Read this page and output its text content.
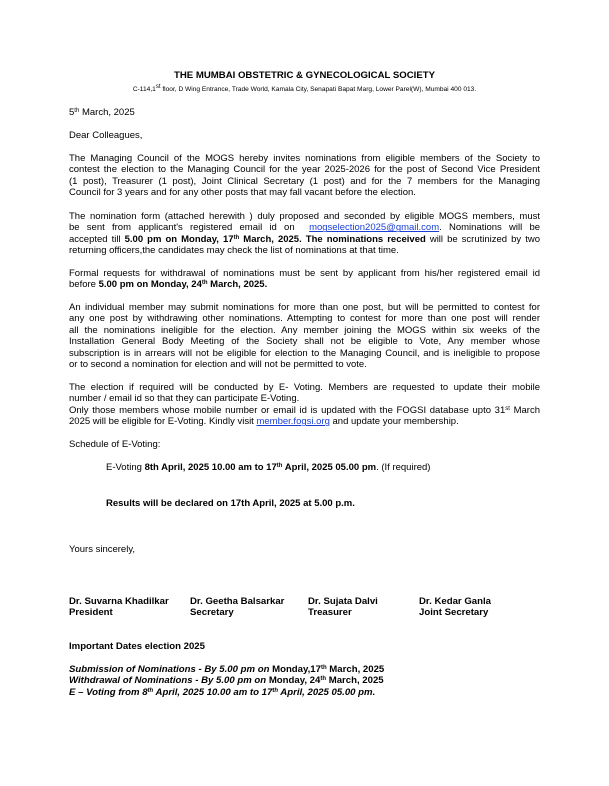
THE MUMBAI OBSTETRIC & GYNECOLOGICAL SOCIETY
C-114,1st floor, D Wing Entrance, Trade World, Kamala City, Senapati Bapat Marg, Lower Parel(W), Mumbai 400 013.
5th March, 2025
Dear Colleagues,
The Managing Council of the MOGS hereby invites nominations from eligible members of the Society to
contest the election to the Managing Council for the year 2025-2026 for the post of Second Vice President
(1 post), Treasurer (1 post), Joint Clinical Secretary (1 post) and for the 7 members for the Managing
Council for 3 years and for any other posts that may fall vacant before the election.
The nomination form (attached herewith ) duly proposed and seconded by eligible MOGS members, must
be sent from applicant's registered email id on mogselection2025@gmail.com. Nominations will be
accepted till 5.00 pm on Monday, 17th March, 2025. The nominations received will be scrutinized by two
returning officers,the candidates may check the list of nominations at that time.
Formal requests for withdrawal of nominations must be sent by applicant from his/her registered email id
before 5.00 pm on Monday, 24th March, 2025.
An individual member may submit nominations for more than one post, but will be permitted to contest for
any one post by withdrawing other nominations. Attempting to contest for more than one post will render
all the nominations ineligible for the election. Any member joining the MOGS within six weeks of the
Installation General Body Meeting of the Society shall not be eligible to Vote, Any member whose
subscription is in arrears will not be eligible for election to the Managing Council, and is ineligible to propose
or to second a nomination for election and will not be permitted to vote.
The election if required will be conducted by E- Voting. Members are requested to update their mobile
number / email id so that they can participate E-Voting.
Only those members whose mobile number or email id is updated with the FOGSI database upto 31st March
2025 will be eligible for E-Voting. Kindly visit member.fogsi.org and update your membership.
Schedule of E-Voting:
E-Voting 8th April, 2025 10.00 am to 17th April, 2025 05.00 pm. (If required)
Results will be declared on 17th April, 2025 at 5.00 p.m.
Yours sincerely,
Dr. Suvarna Khadilkar
President
Dr. Geetha Balsarkar
Secretary
Dr. Sujata Dalvi
Treasurer
Dr. Kedar Ganla
Joint Secretary
Important Dates election 2025
Submission of Nominations - By 5.00 pm on Monday,17th March, 2025
Withdrawal of Nominations - By 5.00 pm on Monday, 24th March, 2025
E – Voting from 8th April, 2025 10.00 am to 17th April, 2025 05.00 pm.
